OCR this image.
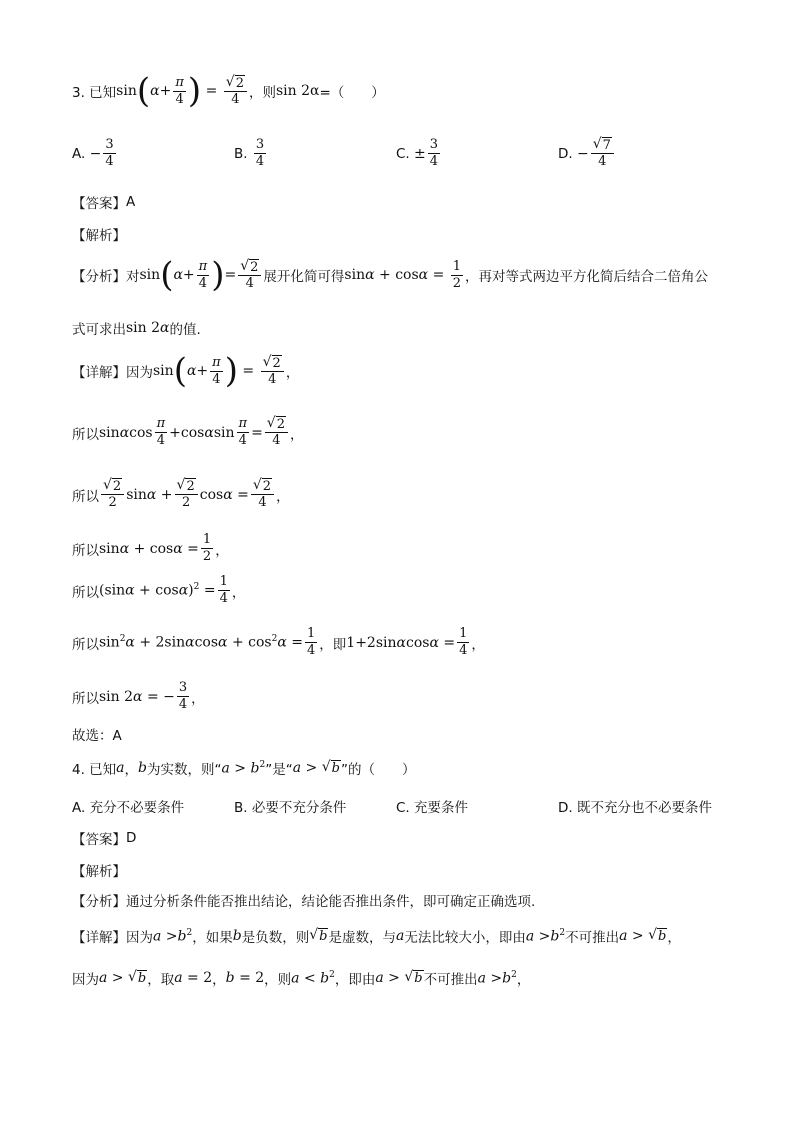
3. 已知 sin ( $\alpha + \frac{\pi}{4}$ ) = $\frac{√ 2}{4}$ ，则 sin 2α =（　　）
A.
− $\frac{3}{4}$	B.
$\frac{3}{4}$	C.
± $\frac{3}{4}$	D.
− $\frac{√ 7}{4}$
【答案】 A
【解析】
【分析】 对 sin ( $\alpha + \frac{\pi}{4}$ ) = $\frac{√ 2}{4}$ 展开化简可得 $\sin\alpha + \cos\alpha = \frac{1}{2}$ ，再对等式两边平方化简后结合二倍角公
式可求出 sin 2α 的值.
【详解】 因为 sin ( $\alpha + \frac{\pi}{4}$ ) = $\frac{√ 2}{4}$ ，
所以 sinαcos $\frac{\pi}{4} +\cos\alpha\sin \frac{\pi}{4} = \frac{√ 2}{4}$ ，
所以 $\frac{√ 2}{2}$ $\sin\alpha + \frac{√ 2}{2}$ $\cos\alpha = \frac{√ 2}{4}$ ，
所以 $\sin\alpha + \cos\alpha = \frac{1}{2}$ ，
所以 $(\sin\alpha + \cos\alpha)^2 = \frac{1}{4}$ ，
所以 $\sin^2\alpha + 2\sin\alpha\cos\alpha + \cos^2\alpha = \frac{1}{4}$ ，即 $1+2\sin\alpha\cos\alpha = \frac{1}{4}$ ，
所以 sin 2α = − $\frac{3}{4}$ ，
故选：A
4. 已知 a ， b 为实数，则“ $a > b^2$ ”是“ a > √ b ”的（　　）
A. 充分不必要条件	B. 必要不充分条件	C. 充要条件	D. 既不充分也不必要条件
【答案】 D
【解析】
【分析】 通过分析条件能否推出结论，结论能否推出条件，即可确定正确选项.
【详解】 因为 $a >b^2$ ，如果 b 是负数，则 √ b 是虚数，与 a 无法比较大小，即由 $a >b^2$ 不可推出 a > √ b ，
因为 a > √ b ，取 a = 2 ， b = 2 ，则 $a < b^2$ ，即由 a > √ b 不可推出 $a >b^2$ ，
